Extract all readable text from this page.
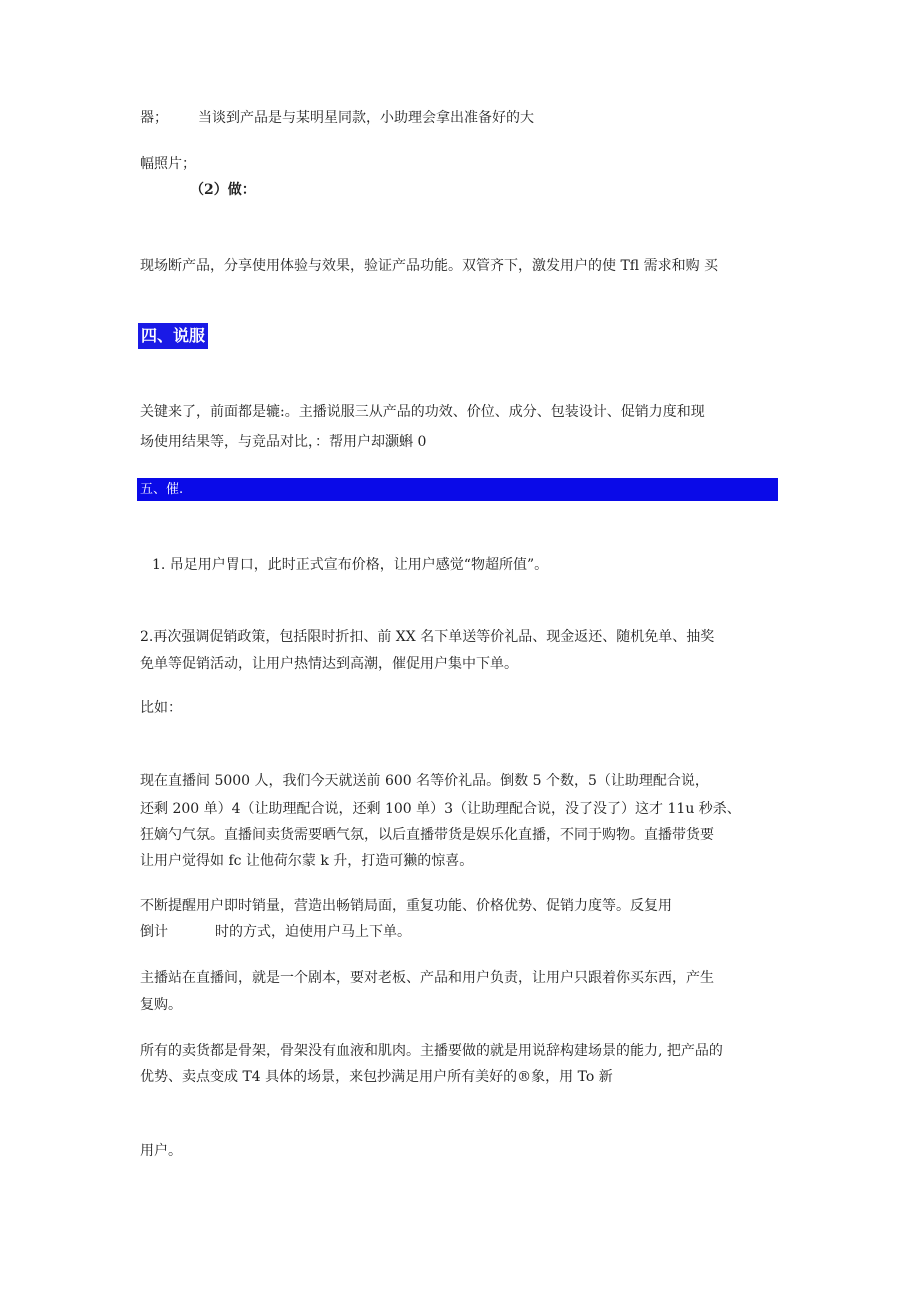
器； 当谈到产品是与某明星同款，小助理会拿出准备好的大

幅照片；

（2）做：

现场断产品，分享使用体验与效果，验证产品功能。双管齐下，激发用户的使 Tfl 需求和购 买

四、说服

关键来了，前面都是辘:。主播说服三从产品的功效、价位、成分、包装设计、促销力度和现

场使用结果等，与竞品对比，：帮用户却灏蝌 0

五、催.

1. 吊足用户胃口，此时正式宣布价格，让用户感觉“物超所值”。

2.再次强调促销政策，包括限时折扣、前 XX 名下单送等价礼品、现金返还、随机免单、抽奖

免单等促销活动，让用户热情达到高潮，催促用户集中下单。

比如：

现在直播间 5000 人，我们今天就送前 600 名等价礼品。倒数 5 个数，5（让助理配合说，

还剩 200 单）4（让助理配合说，还剩 100 单）3（让助理配合说，没了没了）这才 11u 秒杀、

狂嫡勺气氛。直播间卖货需要晒气氛，以后直播带货是娱乐化直播，不同于购物。直播带货要

让用户觉得如 fc 让他荷尔蒙 k 升，打造可獭的惊喜。

不断提醒用户即时销量，营造出畅销局面，重复功能、价格优势、促销力度等。反复用

倒计	时的方式，迫使用户马上下单。

主播站在直播间，就是一个剧本，要对老板、产品和用户负责，让用户只跟着你买东西，产生

复购。

所有的卖货都是骨架，骨架没有血液和肌肉。主播要做的就是用说辞构建场景的能力, 把产品的

优势、卖点变成 T4 具体的场景，来包抄满足用户所有美好的®象，用 To 新

用户。
